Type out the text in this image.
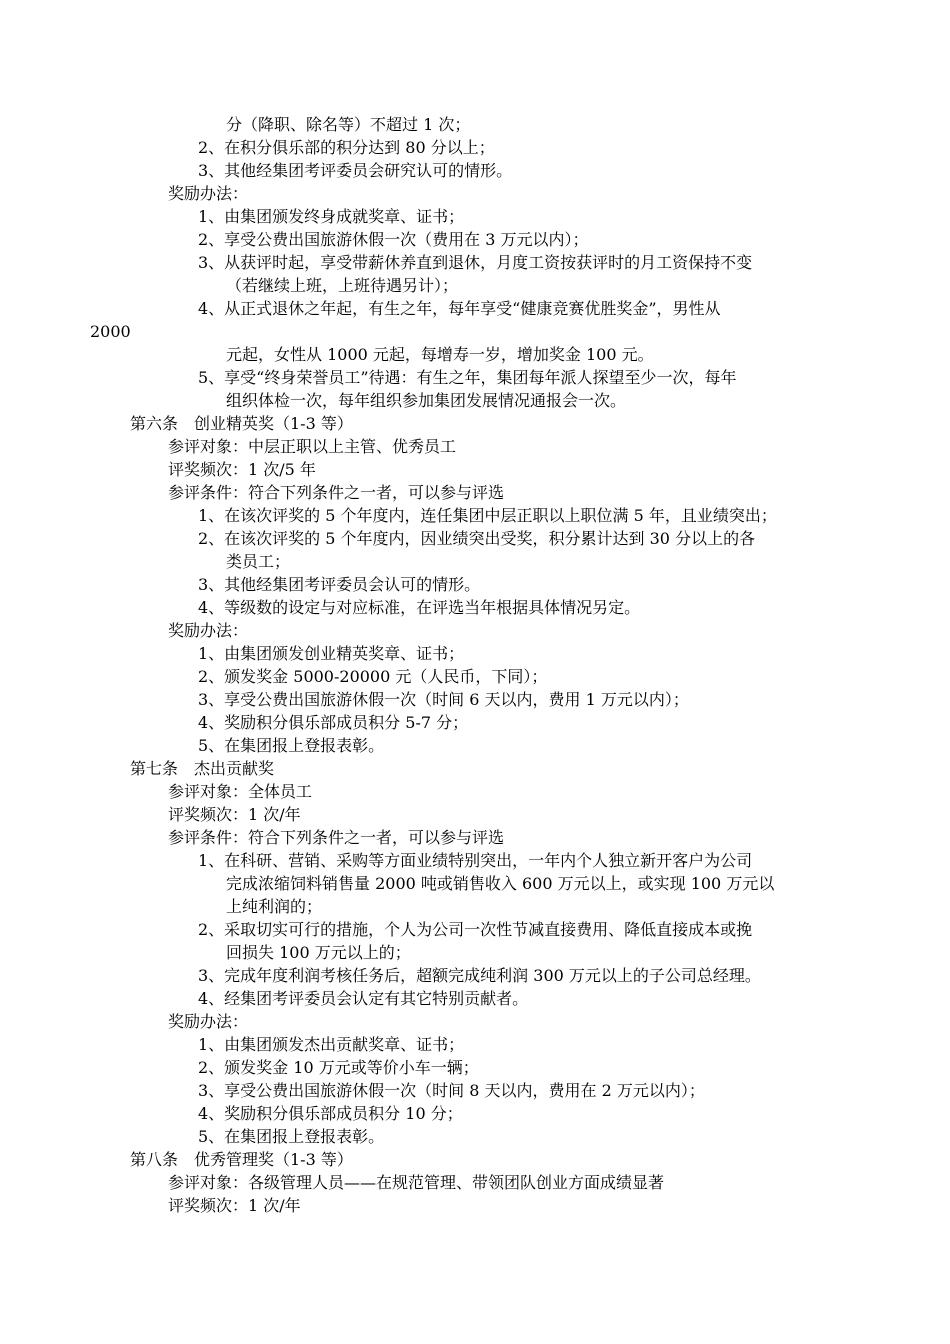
分（降职、除名等）不超过 1 次；
2、在积分俱乐部的积分达到 80 分以上；
3、其他经集团考评委员会研究认可的情形。
奖励办法：
1、由集团颁发终身成就奖章、证书；
2、享受公费出国旅游休假一次（费用在 3 万元以内）；
3、从获评时起，享受带薪休养直到退休，月度工资按获评时的月工资保持不变
（若继续上班，上班待遇另计）；
4、从正式退休之年起，有生之年，每年享受“健康竞赛优胜奖金”，男性从
2000
元起，女性从 1000 元起，每增寿一岁，增加奖金 100 元。
5、享受“终身荣誉员工”待遇：有生之年，集团每年派人探望至少一次，每年
组织体检一次，每年组织参加集团发展情况通报会一次。
第六条　创业精英奖（1-3 等）
参评对象：中层正职以上主管、优秀员工
评奖频次：1 次/5 年
参评条件：符合下列条件之一者，可以参与评选
1、在该次评奖的 5 个年度内，连任集团中层正职以上职位满 5 年，且业绩突出；
2、在该次评奖的 5 个年度内，因业绩突出受奖，积分累计达到 30 分以上的各
类员工；
3、其他经集团考评委员会认可的情形。
4、等级数的设定与对应标准，在评选当年根据具体情况另定。
奖励办法：
1、由集团颁发创业精英奖章、证书；
2、颁发奖金 5000-20000 元（人民币，下同）；
3、享受公费出国旅游休假一次（时间 6 天以内，费用 1 万元以内）；
4、奖励积分俱乐部成员积分 5-7 分；
5、在集团报上登报表彰。
第七条　杰出贡献奖
参评对象：全体员工
评奖频次：1 次/年
参评条件：符合下列条件之一者，可以参与评选
1、在科研、营销、采购等方面业绩特别突出，一年内个人独立新开客户为公司
完成浓缩饲料销售量 2000 吨或销售收入 600 万元以上，或实现 100 万元以
上纯利润的；
2、采取切实可行的措施，个人为公司一次性节减直接费用、降低直接成本或挽
回损失 100 万元以上的；
3、完成年度利润考核任务后，超额完成纯利润 300 万元以上的子公司总经理。
4、经集团考评委员会认定有其它特别贡献者。
奖励办法：
1、由集团颁发杰出贡献奖章、证书；
2、颁发奖金 10 万元或等价小车一辆；
3、享受公费出国旅游休假一次（时间 8 天以内，费用在 2 万元以内）；
4、奖励积分俱乐部成员积分 10 分；
5、在集团报上登报表彰。
第八条　优秀管理奖（1-3 等）
参评对象：各级管理人员——在规范管理、带领团队创业方面成绩显著
评奖频次：1 次/年
